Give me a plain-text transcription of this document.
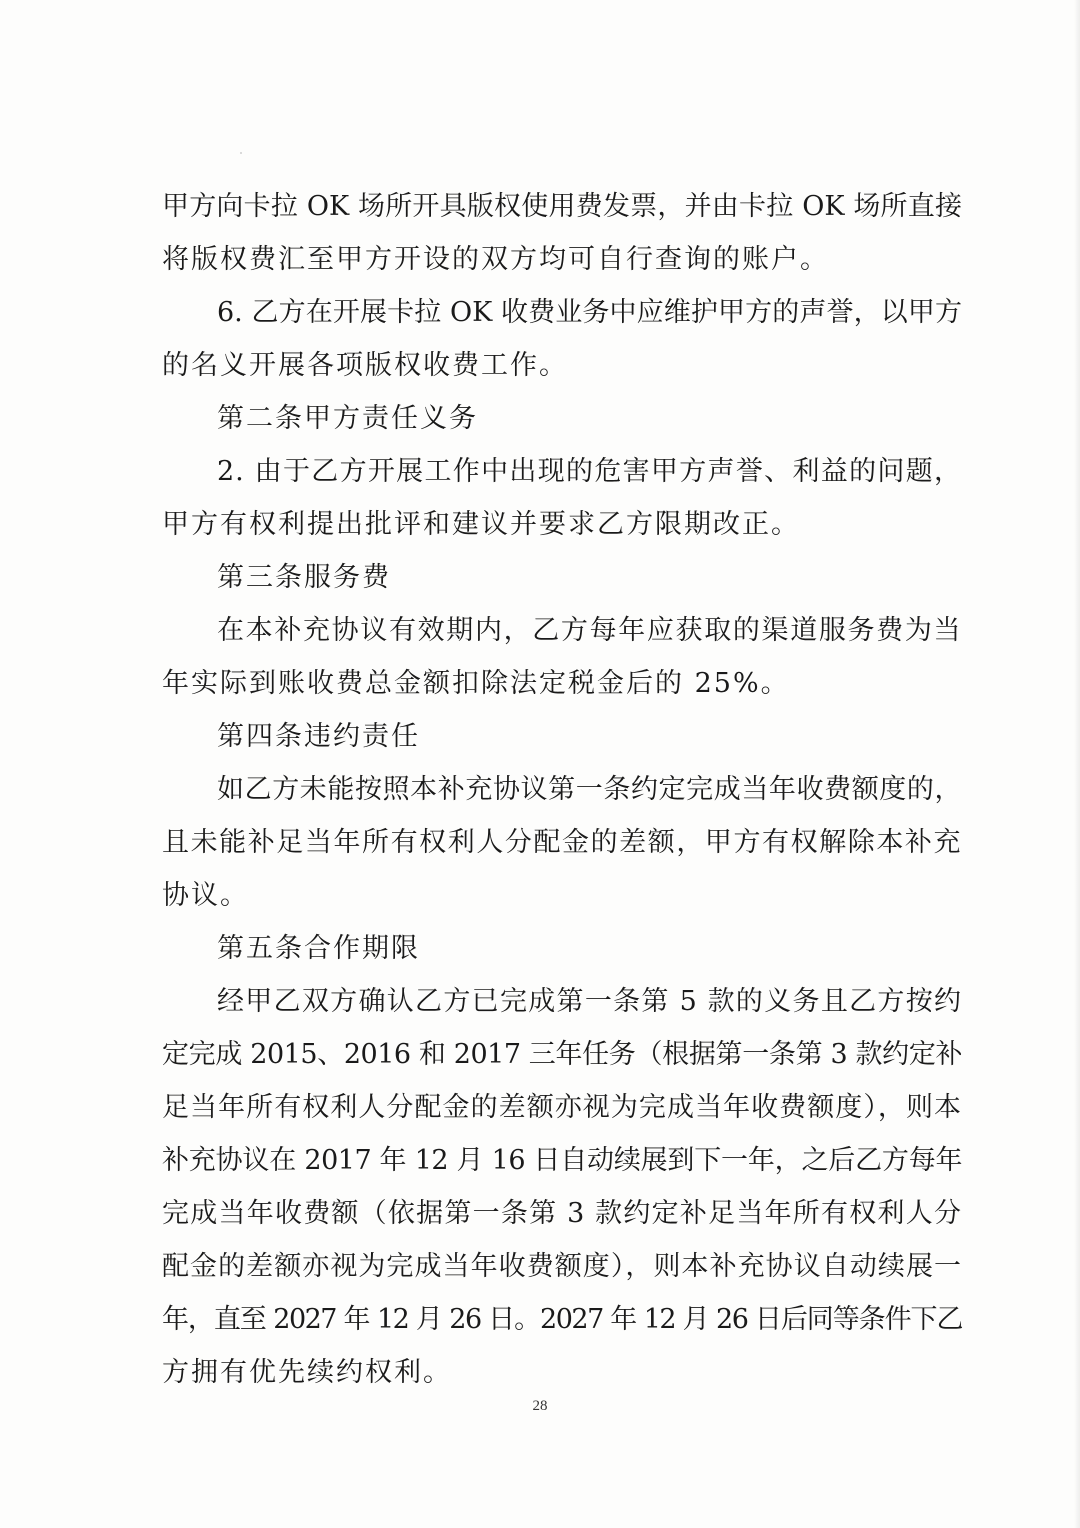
甲方向卡拉 OK 场所开具版权使用费发票，并由卡拉 OK 场所直接
将版权费汇至甲方开设的双方均可自行查询的账户。
6. 乙方在开展卡拉 OK 收费业务中应维护甲方的声誉，以甲方
的名义开展各项版权收费工作。
第二条甲方责任义务
2. 由于乙方开展工作中出现的危害甲方声誉、利益的问题，
甲方有权利提出批评和建议并要求乙方限期改正。
第三条服务费
在本补充协议有效期内，乙方每年应获取的渠道服务费为当
年实际到账收费总金额扣除法定税金后的 25%。
第四条违约责任
如乙方未能按照本补充协议第一条约定完成当年收费额度的，
且未能补足当年所有权利人分配金的差额，甲方有权解除本补充
协议。
第五条合作期限
经甲乙双方确认乙方已完成第一条第 5 款的义务且乙方按约
定完成 2015、2016 和 2017 三年任务（根据第一条第 3 款约定补
足当年所有权利人分配金的差额亦视为完成当年收费额度），则本
补充协议在 2017 年 12 月 16 日自动续展到下一年，之后乙方每年
完成当年收费额（依据第一条第 3 款约定补足当年所有权利人分
配金的差额亦视为完成当年收费额度），则本补充协议自动续展一
年，直至 2027 年 12 月 26 日。2027 年 12 月 26 日后同等条件下乙
方拥有优先续约权利。
28
